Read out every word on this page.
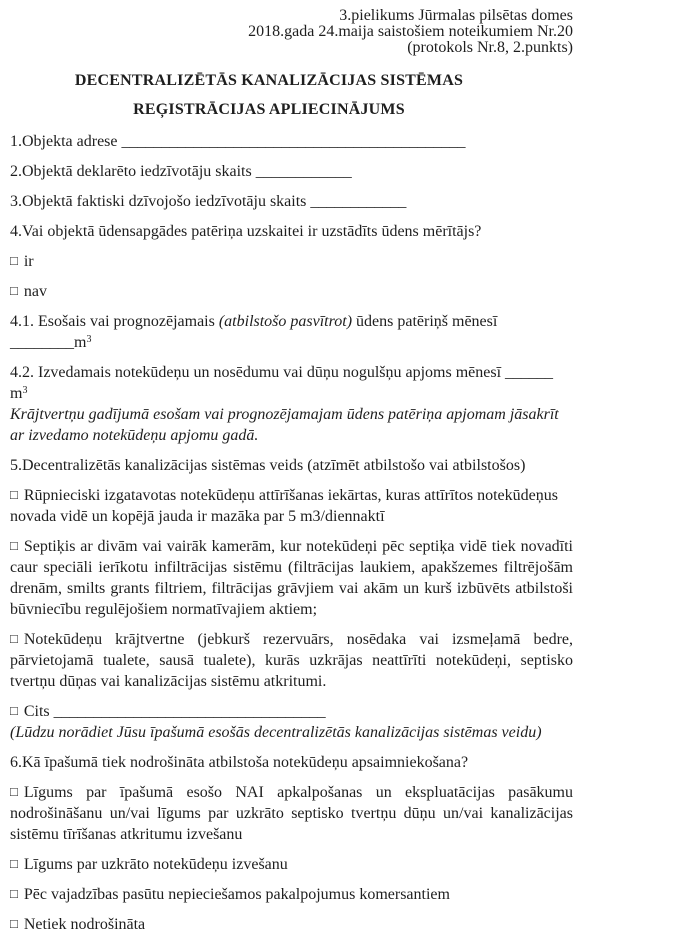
3.pielikums Jūrmalas pilsētas domes
2018.gada 24.maija saistošiem noteikumiem Nr.20
(protokols Nr.8, 2.punkts)

DECENTRALIZĒTĀS KANALIZĀCIJAS SISTĒMAS

REĢISTRĀCIJAS APLIECINĀJUMS

1.Objekta adrese ___________________________________________

2.Objektā deklarēto iedzīvotāju skaits ____________

3.Objektā faktiski dzīvojošo iedzīvotāju skaits ____________

4.Vai objektā ūdensapgādes patēriņa uzskaitei ir uzstādīts ūdens mērītājs?

□ ir

□ nav

4.1. Esošais vai prognozējamais (atbilstošo pasvītrot) ūdens patēriņš mēnesī $\_\_\_\_\_\_\_\_m^3$

4.2. Izvedamais notekūdeņu un nosēdumu vai dūņu nogulšņu apjoms mēnesī ______ $m^3$

Krājtvertņu gadījumā esošam vai prognozējamajam ūdens patēriņa apjomam jāsakrīt ar izvedamo notekūdeņu apjomu gadā.

5.Decentralizētās kanalizācijas sistēmas veids (atzīmēt atbilstošo vai atbilstošos)

□ Rūpnieciski izgatavotas notekūdeņu attīrīšanas iekārtas, kuras attīrītos notekūdeņus novada vidē un kopējā jauda ir mazāka par 5 m3/diennaktī

□ Septiķis ar divām vai vairāk kamerām, kur notekūdeņi pēc septiķa vidē tiek novadīti caur speciāli ierīkotu infiltrācijas sistēmu (filtrācijas laukiem, apakšzemes filtrējošām drenām, smilts grants filtriem, filtrācijas grāvjiem vai akām un kurš izbūvēts atbilstoši būvniecību regulējošiem normatīvajiem aktiem;

□ Notekūdeņu krājtvertne (jebkurš rezervuārs, nosēdaka vai izsmeļamā bedre, pārvietojamā tualete, sausā tualete), kurās uzkrājas neattīrīti notekūdeņi, septisko tvertņu dūņas vai kanalizācijas sistēmu atkritumi.

□ Cits __________________________________

(Lūdzu norādiet Jūsu īpašumā esošās decentralizētās kanalizācijas sistēmas veidu)

6.Kā īpašumā tiek nodrošināta atbilstoša notekūdeņu apsaimniekošana?

□ Līgums par īpašumā esošo NAI apkalpošanas un ekspluatācijas pasākumu nodrošināšanu un/vai līgums par uzkrāto septisko tvertņu dūņu un/vai kanalizācijas sistēmu tīrīšanas atkritumu izvešanu

□ Līgums par uzkrāto notekūdeņu izvešanu

□ Pēc vajadzības pasūtu nepieciešamos pakalpojumus komersantiem

□ Netiek nodrošināta
